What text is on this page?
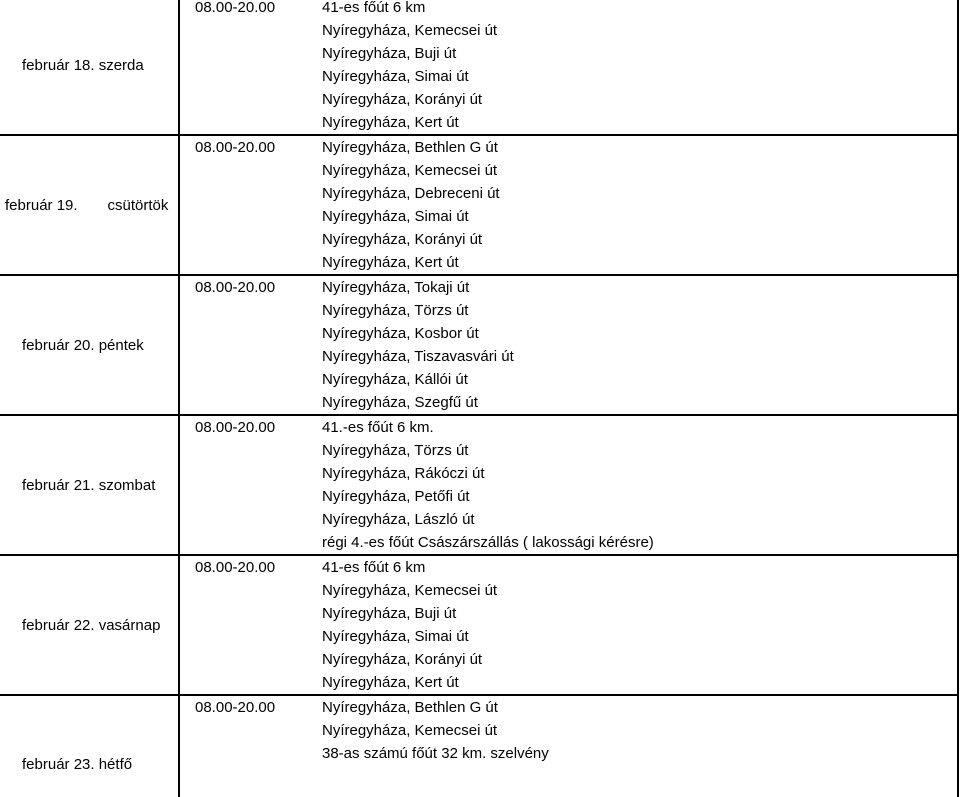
február 18. szerda	08.00-20.00	41-es főút 6 km
		Nyíregyháza, Kemecsei út
		Nyíregyháza, Buji út
		Nyíregyháza, Simai út
		Nyíregyháza, Korányi út
		Nyíregyháza, Kert út
február 19. csütörtök	08.00-20.00	Nyíregyháza, Bethlen G út
		Nyíregyháza, Kemecsei út
		Nyíregyháza, Debreceni út
		Nyíregyháza, Simai út
		Nyíregyháza, Korányi út
		Nyíregyháza, Kert út
február 20. péntek	08.00-20.00	Nyíregyháza, Tokaji út
		Nyíregyháza, Törzs út
		Nyíregyháza, Kosbor út
		Nyíregyháza, Tiszavasvári út
		Nyíregyháza, Kállói út
		Nyíregyháza, Szegfű út
február 21. szombat	08.00-20.00	41.-es főút 6 km.
		Nyíregyháza, Törzs út
		Nyíregyháza, Rákóczi út
		Nyíregyháza, Petőfi út
		Nyíregyháza, László út
		régi 4.-es főút Császárszállás ( lakossági kérésre)
február 22. vasárnap	08.00-20.00	41-es főút 6 km
		Nyíregyháza, Kemecsei út
		Nyíregyháza, Buji út
		Nyíregyháza, Simai út
		Nyíregyháza, Korányi út
		Nyíregyháza, Kert út
február 23. hétfő	08.00-20.00	Nyíregyháza, Bethlen G út
		Nyíregyháza, Kemecsei út
		38-as számú főút 32 km. szelvény
